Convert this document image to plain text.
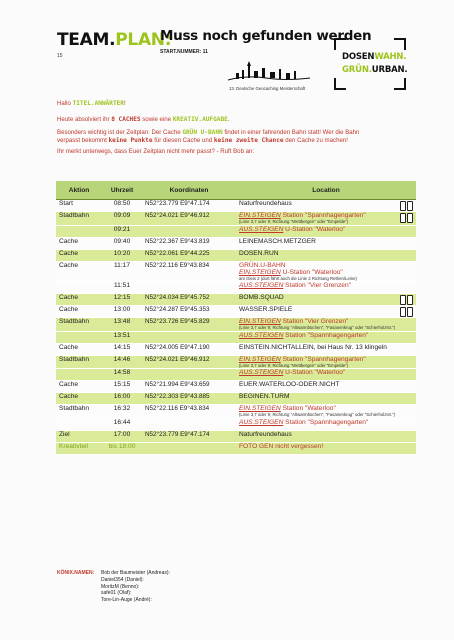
TEAM.PLAN:
15
Muss noch gefunden werden
START.NUMMER: 11
13. Deutsche Geocaching Meisterschaft
DOSENWAHN.
GRÜN.URBAN.
Hallo TITEL.ANWÄRTER!
Heute absolviert ihr 8 CACHES sowie eine KREATIV.AUFGABE.
Besonders wichtig ist der Zeitplan: Der Cache GRÜN U-BAHN findet in einer fahrenden Bahn statt! Wer die Bahn
verpasst bekommt keine Punkte für diesen Cache und keine zweite Chance den Cache zu machen!
Ihr merkt unterwegs, dass Euer Zeitplan nicht mehr passt? - Ruft Bob an:
Aktion	Uhrzeit	Koordinaten	Location
Start	08:50	N52°23.779 E9°47.174	Naturfreundehaus

Stadtbahn	09:09	N52°24.021 E9°46.912	EIN.STEIGEN Station "Spannhagengarten"
(Linie 3,7 oder 9; Richtung "Wettbergen" oder "Empelde")

	09:21		AUS.STEIGEN U-Station "Waterloo"
Cache	09:40	N52°22.367 E9°43.819	LEINEMASCH.METZGER
Cache	10:20	N52°22.061 E9°44.225	DOSEN.RUN
Cache	11:17	N52°22.116 E9°43.834	GRÜN.U-BAHN
EIN.STEIGEN U-Station "Waterloo"
am Gleis 2 (dort fährt auch die Linie 2 Richtung Rethen/Leine)

	11:51		AUS.STEIGEN Station "Vier Grenzen"
Cache	12:15	N52°24.034 E9°45.752	BOMB.SQUAD

Cache	13:00	N52°24.287 E9°45.353	WASSER.SPIELE

Stadtbahn	13:48	N52°23.726 E9°45.829	EIN.STEIGEN Station "Vier Grenzen"
(Linie 3,7 oder 9; Richtung "Altwarmbüchen", "Fasanenkrug" oder "Schierholzstr.")

	13:51		AUS.STEIGEN Station "Spannhagengarten"
Cache	14:15	N52°24.005 E9°47.190	EINSTEIN.NICHTALLEIN, bei Haus Nr. 13 klingeln
Stadtbahn	14:46	N52°24.021 E9°46.912	EIN.STEIGEN Station "Spannhagengarten"
(Linie 3,7 oder 9; Richtung "Wettbergen" oder "Empelde")

	14:58		AUS.STEIGEN U-Station "Waterloo"
Cache	15:15	N52°21.994 E9°43.659	EUER.WATERLOO-ODER.NICHT
Cache	16:00	N52°22.303 E9°43.885	BEGINEN.TURM
Stadtbahn	16:32	N52°22.116 E9°43.834	EIN.STEIGEN Station "Waterloo"
(Linie 3,7 oder 9; Richtung "Altwarmbüchen", "Fasanenkrug" oder "Schierholzstr.")

	16:44		AUS.STEIGEN Station "Spannhagengarten"
Ziel	17:00	N52°23.779 E9°47.174	Naturfreundehaus
Kreativteil	bis 18:00		FOTO GEN nicht vergessen!
KÖNIX.NAMEN: Bob der Baumeister (Andreas):
Daniel354 (Daniel):
MoritzM (Benno):
safe01 (Olaf):
Tore-Lin-Auge (André):
